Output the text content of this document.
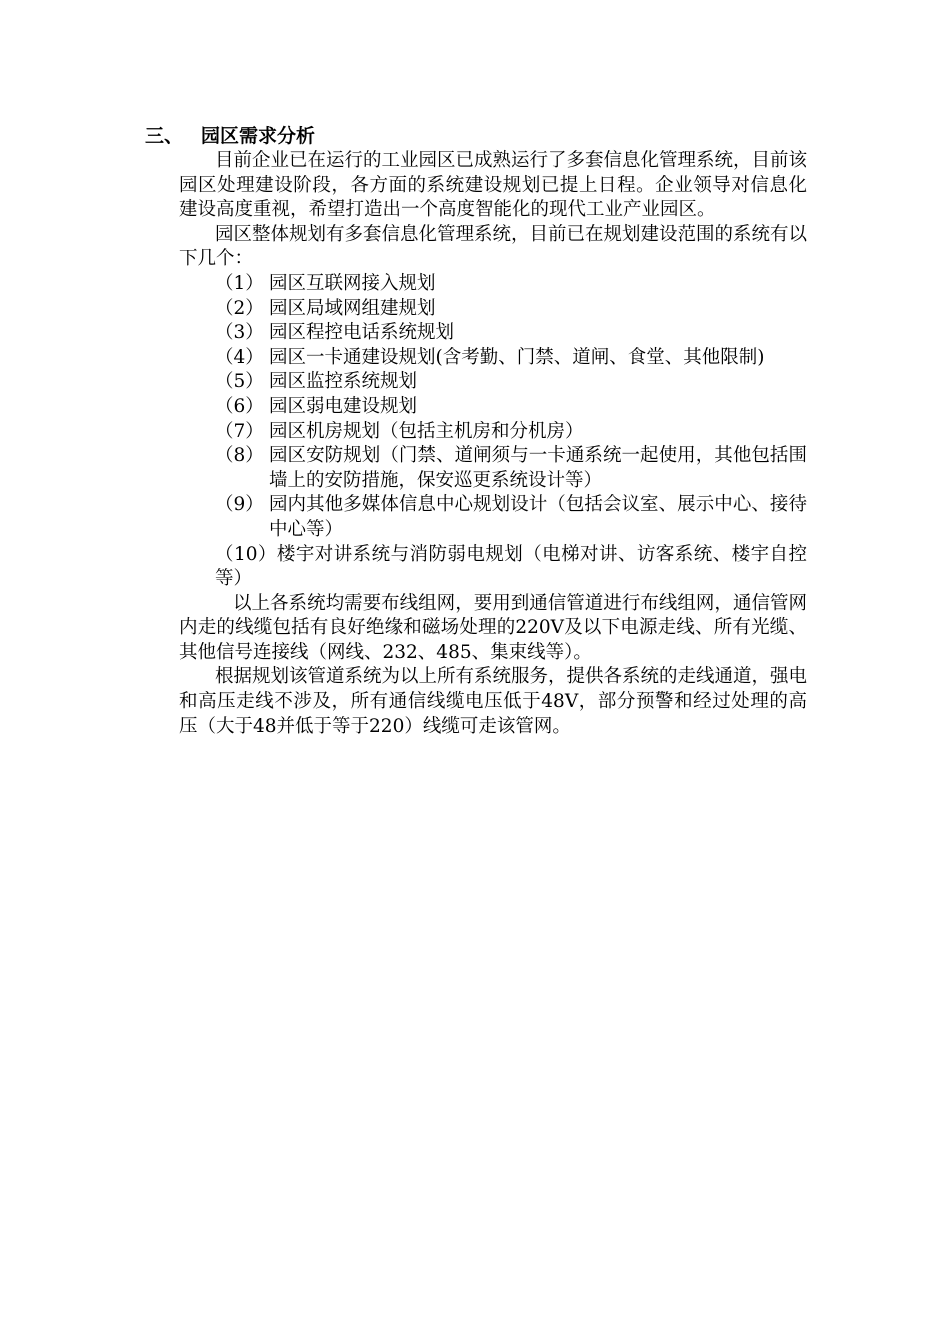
三、 园区需求分析

目前企业已在运行的工业园区已成熟运行了多套信息化管理系统，目前该园区处理建设阶段，各方面的系统建设规划已提上日程。企业领导对信息化建设高度重视，希望打造出一个高度智能化的现代工业产业园区。

园区整体规划有多套信息化管理系统，目前已在规划建设范围的系统有以下几个：

（1） 园区互联网接入规划
（2） 园区局域网组建规划
（3） 园区程控电话系统规划
（4） 园区一卡通建设规划(含考勤、门禁、道闸、食堂、其他限制)
（5） 园区监控系统规划
（6） 园区弱电建设规划
（7） 园区机房规划（包括主机房和分机房）
（8） 园区安防规划（门禁、道闸须与一卡通系统一起使用，其他包括围墙上的安防措施，保安巡更系统设计等）
（9） 园内其他多媒体信息中心规划设计（包括会议室、展示中心、接待中心等）
（10）楼宇对讲系统与消防弱电规划（电梯对讲、访客系统、楼宇自控等）

以上各系统均需要布线组网，要用到通信管道进行布线组网，通信管网内走的线缆包括有良好绝缘和磁场处理的220V及以下电源走线、所有光缆、其他信号连接线（网线、232、485、集束线等）。

根据规划该管道系统为以上所有系统服务，提供各系统的走线通道，强电和高压走线不涉及，所有通信线缆电压低于48V，部分预警和经过处理的高压（大于48并低于等于220）线缆可走该管网。
